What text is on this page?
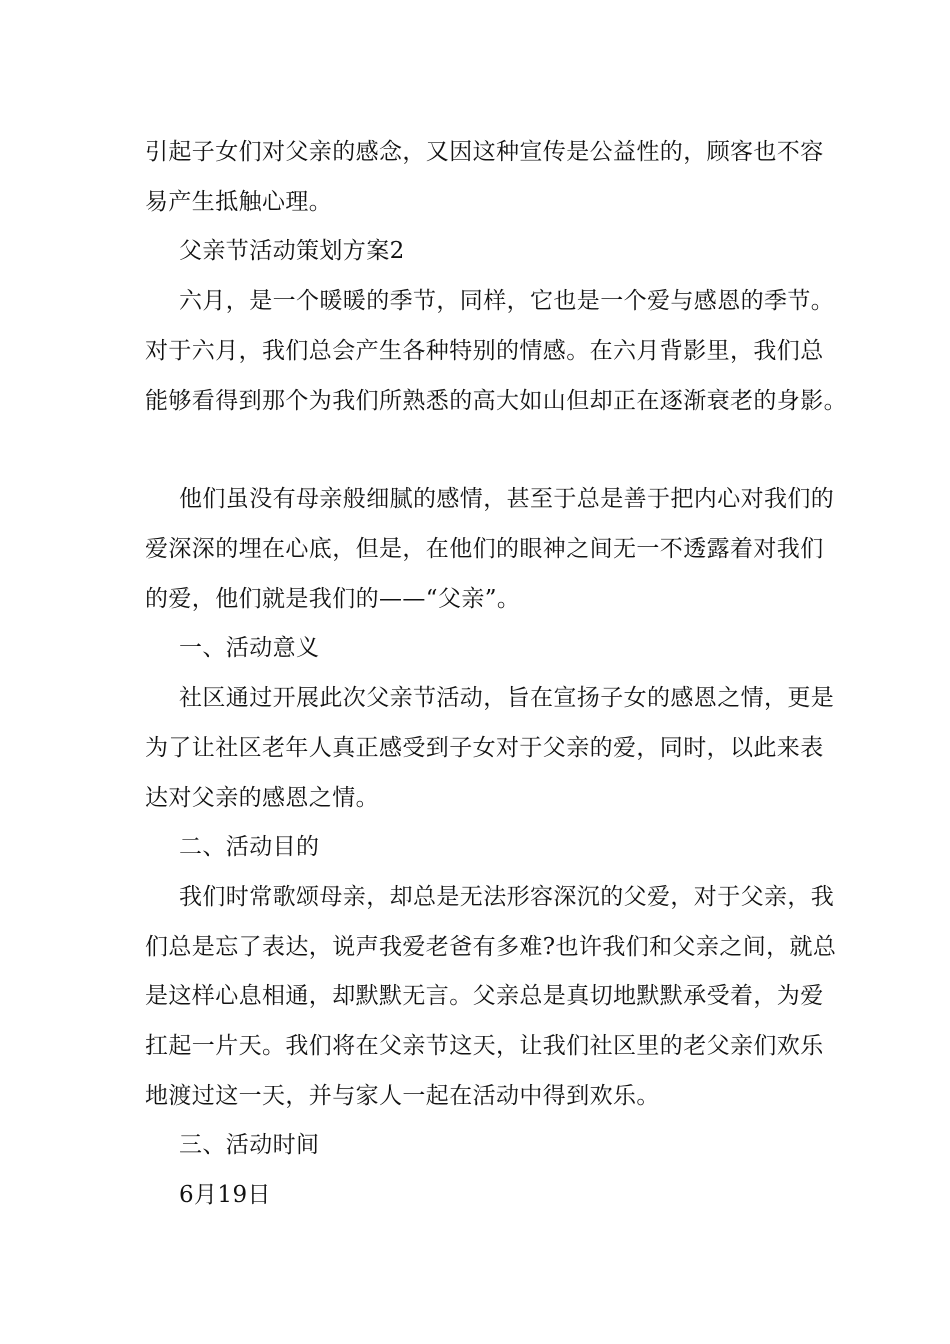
引起子女们对父亲的感念，又因这种宣传是公益性的，顾客也不容
易产生抵触心理。
父亲节活动策划方案2
六月，是一个暖暖的季节，同样，它也是一个爱与感恩的季节。
对于六月，我们总会产生各种特别的情感。在六月背影里，我们总
能够看得到那个为我们所熟悉的高大如山但却正在逐渐衰老的身影。
他们虽没有母亲般细腻的感情，甚至于总是善于把内心对我们的
爱深深的埋在心底，但是，在他们的眼神之间无一不透露着对我们
的爱，他们就是我们的——“父亲”。
一、活动意义
社区通过开展此次父亲节活动，旨在宣扬子女的感恩之情，更是
为了让社区老年人真正感受到子女对于父亲的爱，同时，以此来表
达对父亲的感恩之情。
二、活动目的
我们时常歌颂母亲，却总是无法形容深沉的父爱，对于父亲，我
们总是忘了表达，说声我爱老爸有多难?也许我们和父亲之间，就总
是这样心息相通，却默默无言。父亲总是真切地默默承受着，为爱
扛起一片天。我们将在父亲节这天，让我们社区里的老父亲们欢乐
地渡过这一天，并与家人一起在活动中得到欢乐。
三、活动时间
6月19日
